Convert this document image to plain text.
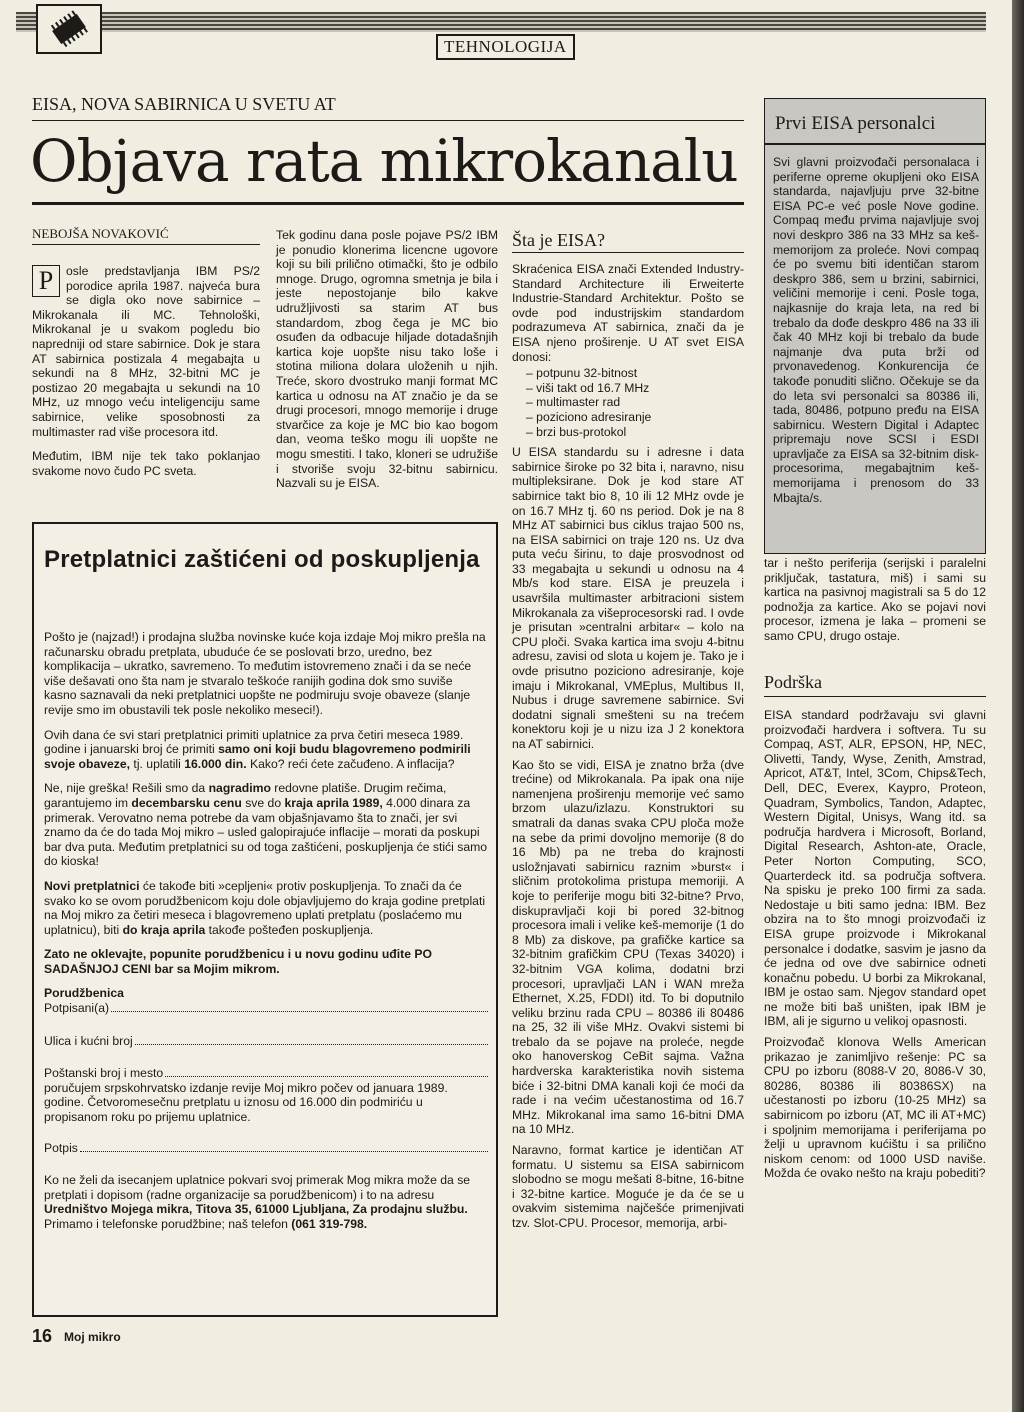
TEHNOLOGIJA
EISA, NOVA SABIRNICA U SVETU AT
Objava rata mikrokanalu
NEBOJŠA NOVAKOVIĆ

P	osle predstavljanja IBM PS/2 porodice aprila 1987. najveća bura se digla oko nove sabirnice – Mikrokanala ili MC. Tehnološki, Mikrokanal je u svakom pogledu bio napredniji od stare sabirnice. Dok je stara AT sabirnica postizala 4 megabajta u sekundi na 8 MHz, 32-bitni MC je postizao 20 megabajta u sekundi na 10 MHz, uz mnogo veću inteligenciju same sabirnice, velike sposobnosti za multimaster rad više procesora itd.

Međutim, IBM nije tek tako poklanjao svakome novo čudo PC sveta.

Tek godinu dana posle pojave PS/2 IBM je ponudio klonerima licencne ugovore koji su bili prilično otimački, što je odbilo mnoge. Drugo, ogromna smetnja je bila i jeste nepostojanje bilo kakve udružljivosti sa starim AT bus standardom, zbog čega je MC bio osuđen da odbacuje hiljade dotadašnjih kartica koje uopšte nisu tako loše i stotina miliona dolara uloženih u njih. Treće, skoro dvostruko manji format MC kartica u odnosu na AT značio je da se drugi procesori, mnogo memorije i druge stvarčice za koje je MC bio kao bogom dan, veoma teško mogu ili uopšte ne mogu smestiti. I tako, kloneri se udružiše i stvoriše svoju 32-bitnu sabirnicu. Nazvali su je EISA.

Šta je EISA?

Skraćenica EISA znači Extended Industry-Standard Architecture ili Erweiterte Industrie-Standard Architektur. Pošto se ovde pod industrijskim standardom podrazumeva AT sabirnica, znači da je EISA njeno proširenje. U AT svet EISA donosi:

– potpunu 32-bitnost
– viši takt od 16.7 MHz
– multimaster rad
– poziciono adresiranje
– brzi bus-protokol

U EISA standardu su i adresne i data sabirnice široke po 32 bita i, naravno, nisu multipleksirane. Dok je kod stare AT sabirnice takt bio 8, 10 ili 12 MHz ovde je on 16.7 MHz tj. 60 ns period. Dok je na 8 MHz AT sabirnici bus ciklus trajao 500 ns, na EISA sabirnici on traje 120 ns. Uz dva puta veću širinu, to daje prosvodnost od 33 megabajta u sekundi u odnosu na 4 Mb/s kod stare. EISA je preuzela i usavršila multimaster arbitracioni sistem Mikrokanala za višeprocesorski rad. I ovde je prisutan »centralni arbitar« – kolo na CPU ploči. Svaka kartica ima svoju 4-bitnu adresu, zavisi od slota u kojem je. Tako je i ovde prisutno poziciono adresiranje, koje imaju i Mikrokanal, VMEplus, Multibus II, Nubus i druge savremene sabirnice. Svi dodatni signali smešteni su na trećem konektoru koji je u nizu iza J 2 konektora na AT sabirnici.

Kao što se vidi, EISA je znatno brža (dve trećine) od Mikrokanala. Pa ipak ona nije namenjena proširenju memorije već samo brzom ulazu/izlazu. Konstruktori su smatrali da danas svaka CPU ploča može na sebe da primi dovoljno memorije (8 do 16 Mb) pa ne treba do krajnosti usložnjavati sabirnicu raznim »burst« i sličnim protokolima pristupa memoriji. A koje to periferije mogu biti 32-bitne? Prvo, diskupravljači koji bi pored 32-bitnog procesora imali i velike keš-memorije (1 do 8 Mb) za diskove, pa grafičke kartice sa 32-bitnim grafičkim CPU (Texas 34020) i 32-bitnim VGA kolima, dodatni brzi procesori, upravljači LAN i WAN mreža Ethernet, X.25, FDDI) itd. To bi doputnilo veliku brzinu rada CPU – 80386 ili 80486 na 25, 32 ili više MHz. Ovakvi sistemi bi trebalo da se pojave na proleće, negde oko hanoverskog CeBit sajma. Važna hardverska karakteristika novih sistema biće i 32-bitni DMA kanali koji će moći da rade i na većim učestanostima od 16.7 MHz. Mikrokanal ima samo 16-bitni DMA na 10 MHz.

Naravno, format kartice je identičan AT formatu. U sistemu sa EISA sabirnicom slobodno se mogu mešati 8-bitne, 16-bitne i 32-bitne kartice. Moguće je da će se u ovakvim sistemima najčešće primenjivati tzv. Slot-CPU. Procesor, memorija, arbi-

Prvi EISA personalci
Svi glavni proizvođači personalaca i periferne opreme okupljeni oko EISA standarda, najavljuju prve 32-bitne EISA PC-e već posle Nove godine. Compaq među prvima najavljuje svoj novi deskpro 386 na 33 MHz sa keš-memorijom za proleće. Novi compaq će po svemu biti identičan starom deskpro 386, sem u brzini, sabirnici, veličini memorije i ceni. Posle toga, najkasnije do kraja leta, na red bi trebalo da dođe deskpro 486 na 33 ili čak 40 MHz koji bi trebalo da bude najmanje dva puta brži od prvonavedenog. Konkurencija će takođe ponuditi slično. Očekuje se da do leta svi personalci sa 80386 ili, tada, 80486, potpuno pređu na EISA sabirnicu. Western Digital i Adaptec pripremaju nove SCSI i ESDI upravljače za EISA sa 32-bitnim disk-procesorima, megabajtnim keš-memorijama i prenosom do 33 Mbajta/s.

tar i nešto periferija (serijski i paralelni priključak, tastatura, miš) i sami su kartica na pasivnoj magistrali sa 5 do 12 podnožja za kartice. Ako se pojavi novi procesor, izmena je laka – promeni se samo CPU, drugo ostaje.

Podrška

EISA standard podržavaju svi glavni proizvođači hardvera i softvera. Tu su Compaq, AST, ALR, EPSON, HP, NEC, Olivetti, Tandy, Wyse, Zenith, Amstrad, Apricot, AT&T, Intel, 3Com, Chips&Tech, Dell, DEC, Everex, Kaypro, Proteon, Quadram, Symbolics, Tandon, Adaptec, Western Digital, Unisys, Wang itd. sa područja hardvera i Microsoft, Borland, Digital Research, Ashton-ate, Oracle, Peter Norton Computing, SCO, Quarterdeck itd. sa područja softvera. Na spisku je preko 100 firmi za sada. Nedostaje u biti samo jedna: IBM. Bez obzira na to što mnogi proizvođači iz EISA grupe proizvode i Mikrokanal personalce i dodatke, sasvim je jasno da će jedna od ove dve sabirnice odneti konačnu pobedu. U borbi za Mikrokanal, IBM je ostao sam. Njegov standard opet ne može biti baš uništen, ipak IBM je IBM, ali je sigurno u velikoj opasnosti.

Proizvođač klonova Wells American prikazao je zanimljivo rešenje: PC sa CPU po izboru (8088-V 20, 8086-V 30, 80286, 80386 ili 80386SX) na učestanosti po izboru (10-25 MHz) sa sabirnicom po izboru (AT, MC ili AT+MC) i spoljnim memorijama i periferijama po želji u upravnom kućištu i sa prilično niskom cenom: od 1000 USD naviše. Možda će ovako nešto na kraju pobediti?

Pretplatnici zaštićeni od poskupljenja

Pošto je (najzad!) i prodajna služba novinske kuće koja izdaje Moj mikro prešla na računarsku obradu pretplata, ubuduće će se poslovati brzo, uredno, bez komplikacija – ukratko, savremeno. To međutim istovremeno znači i da se neće više dešavati ono šta nam je stvaralo teškoće ranijih godina dok smo suviše kasno saznavali da neki pretplatnici uopšte ne podmiruju svoje obaveze (slanje revije smo im obustavili tek posle nekoliko meseci!).

Ovih dana će svi stari pretplatnici primiti uplatnice za prva četiri meseca 1989. godine i januarski broj će primiti samo oni koji budu blagovremeno podmirili svoje obaveze, tj. uplatili 16.000 din. Kako? reći ćete začuđeno. A inflacija?

Ne, nije greška! Rešili smo da nagradimo redovne platiše. Drugim rečima, garantujemo im decembarsku cenu sve do kraja aprila 1989, 4.000 dinara za primerak. Verovatno nema potrebe da vam objašnjavamo šta to znači, jer svi znamo da će do tada Moj mikro – usled galopirajuće inflacije – morati da poskupi bar dva puta. Međutim pretplatnici su od toga zaštićeni, poskupljenja će stići samo do kioska!

Novi pretplatnici će takođe biti »cepljeni« protiv poskupljenja. To znači da će svako ko se ovom porudžbenicom koju dole objavljujemo do kraja godine pretplati na Moj mikro za četiri meseca i blagovremeno uplati pretplatu (poslaćemo mu uplatnicu), biti do kraja aprila takođe pošteđen poskupljenja.

Zato ne oklevajte, popunite porudžbenicu i u novu godinu uđite PO SADAŠNJOJ CENI bar sa Mojim mikrom.

Porudžbenica
Potpisani(a)
Ulica i kućni broj
Poštanski broj i mesto

poručujem srpskohrvatsko izdanje revije Moj mikro počev od januara 1989. godine. Četvoromesečnu pretplatu u iznosu od 16.000 din podmiriću u propisanom roku po prijemu uplatnice.

Potpis

Ko ne želi da isecanjem uplatnice pokvari svoj primerak Mog mikra može da se pretplati i dopisom (radne organizacije sa porudžbenicom) i to na adresu Uredništvo Mojega mikra, Titova 35, 61000 Ljubljana, Za prodajnu službu. Primamo i telefonske porudžbine; naš telefon (061 319-798.

16 Moj mikro
